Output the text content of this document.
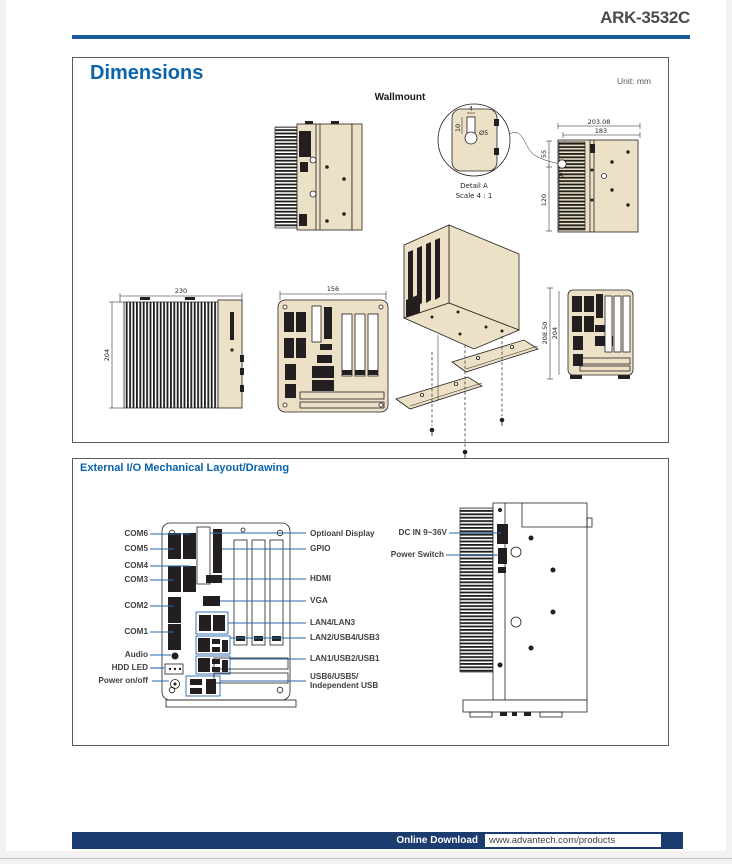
ARK-3532C
Dimensions	Unit: mm
Wallmount
External I/O Mechanical Layout/Drawing
4
10
Ø5
Detail A
Scale 4 : 1
A
203.08
183
55
120
230
204
156
208.50 204
COM6
COM5
COM4
COM3
COM2
COM1
Audio
HDD LED
Power on/off
Optioanl Display
GPIO
HDMI
VGA
LAN4/LAN3
LAN2/USB4/USB3
LAN1/USB2/USB1
USB6/USB5/
Independent USB
DC IN 9~36V
Power Switch
Online Download	www.advantech.com/products
